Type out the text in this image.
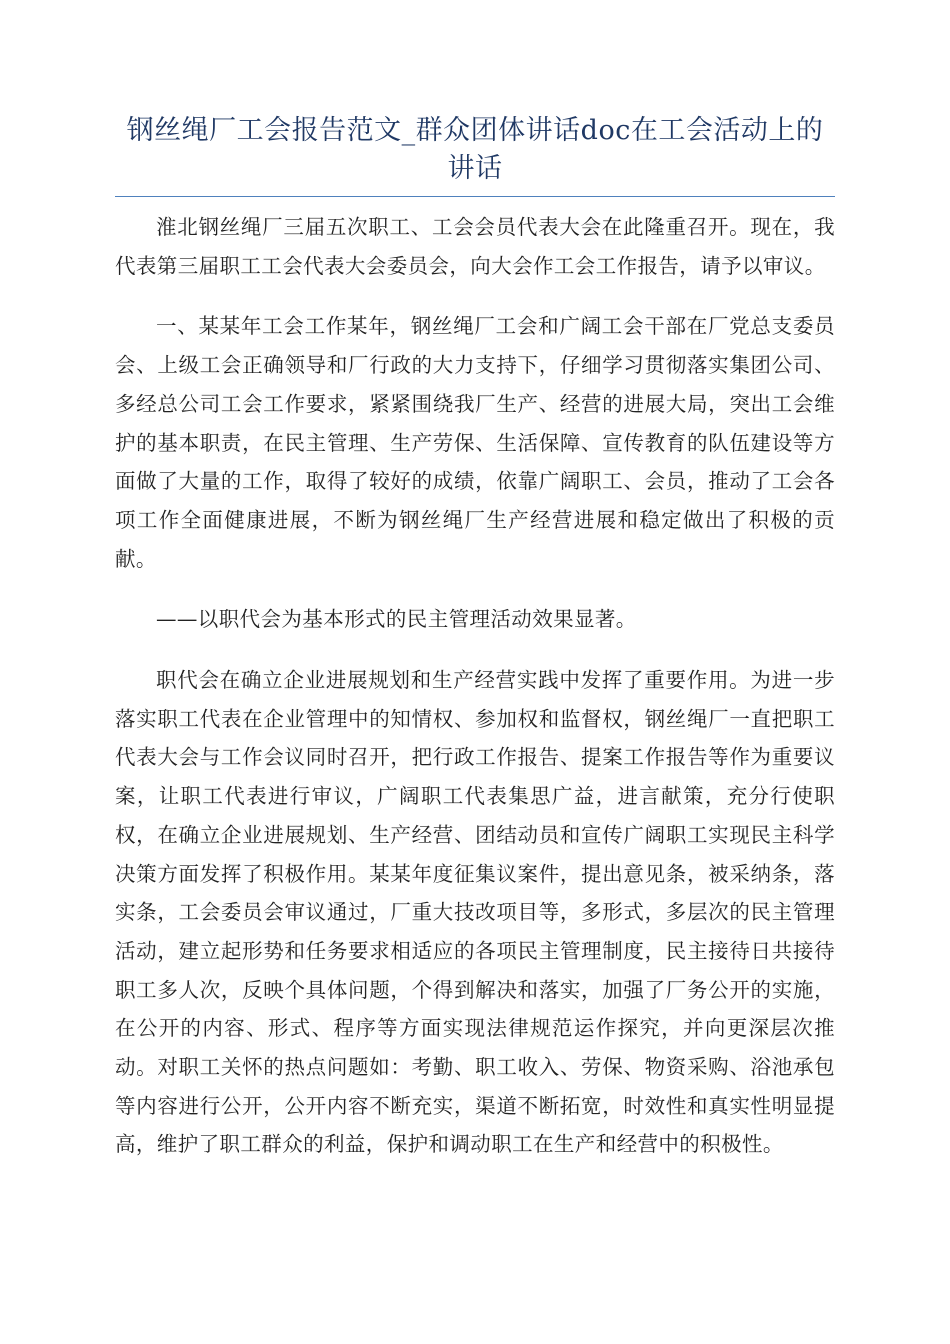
钢丝绳厂工会报告范文_群众团体讲话doc在工会活动上的讲话

淮北钢丝绳厂三届五次职工、工会会员代表大会在此隆重召开。现在，我代表第三届职工工会代表大会委员会，向大会作工会工作报告，请予以审议。

一、某某年工会工作某年，钢丝绳厂工会和广阔工会干部在厂党总支委员会、上级工会正确领导和厂行政的大力支持下，仔细学习贯彻落实集团公司、多经总公司工会工作要求，紧紧围绕我厂生产、经营的进展大局，突出工会维护的基本职责，在民主管理、生产劳保、生活保障、宣传教育的队伍建设等方面做了大量的工作，取得了较好的成绩，依靠广阔职工、会员，推动了工会各项工作全面健康进展，不断为钢丝绳厂生产经营进展和稳定做出了积极的贡献。

——以职代会为基本形式的民主管理活动效果显著。

职代会在确立企业进展规划和生产经营实践中发挥了重要作用。为进一步落实职工代表在企业管理中的知情权、参加权和监督权，钢丝绳厂一直把职工代表大会与工作会议同时召开，把行政工作报告、提案工作报告等作为重要议案，让职工代表进行审议，广阔职工代表集思广益，进言献策，充分行使职权，在确立企业进展规划、生产经营、团结动员和宣传广阔职工实现民主科学决策方面发挥了积极作用。某某年度征集议案件，提出意见条，被采纳条，落实条，工会委员会审议通过，厂重大技改项目等，多形式，多层次的民主管理活动，建立起形势和任务要求相适应的各项民主管理制度，民主接待日共接待职工多人次，反映个具体问题，个得到解决和落实，加强了厂务公开的实施，在公开的内容、形式、程序等方面实现法律规范运作探究，并向更深层次推动。对职工关怀的热点问题如：考勤、职工收入、劳保、物资采购、浴池承包等内容进行公开，公开内容不断充实，渠道不断拓宽，时效性和真实性明显提高，维护了职工群众的利益，保护和调动职工在生产和经营中的积极性。
